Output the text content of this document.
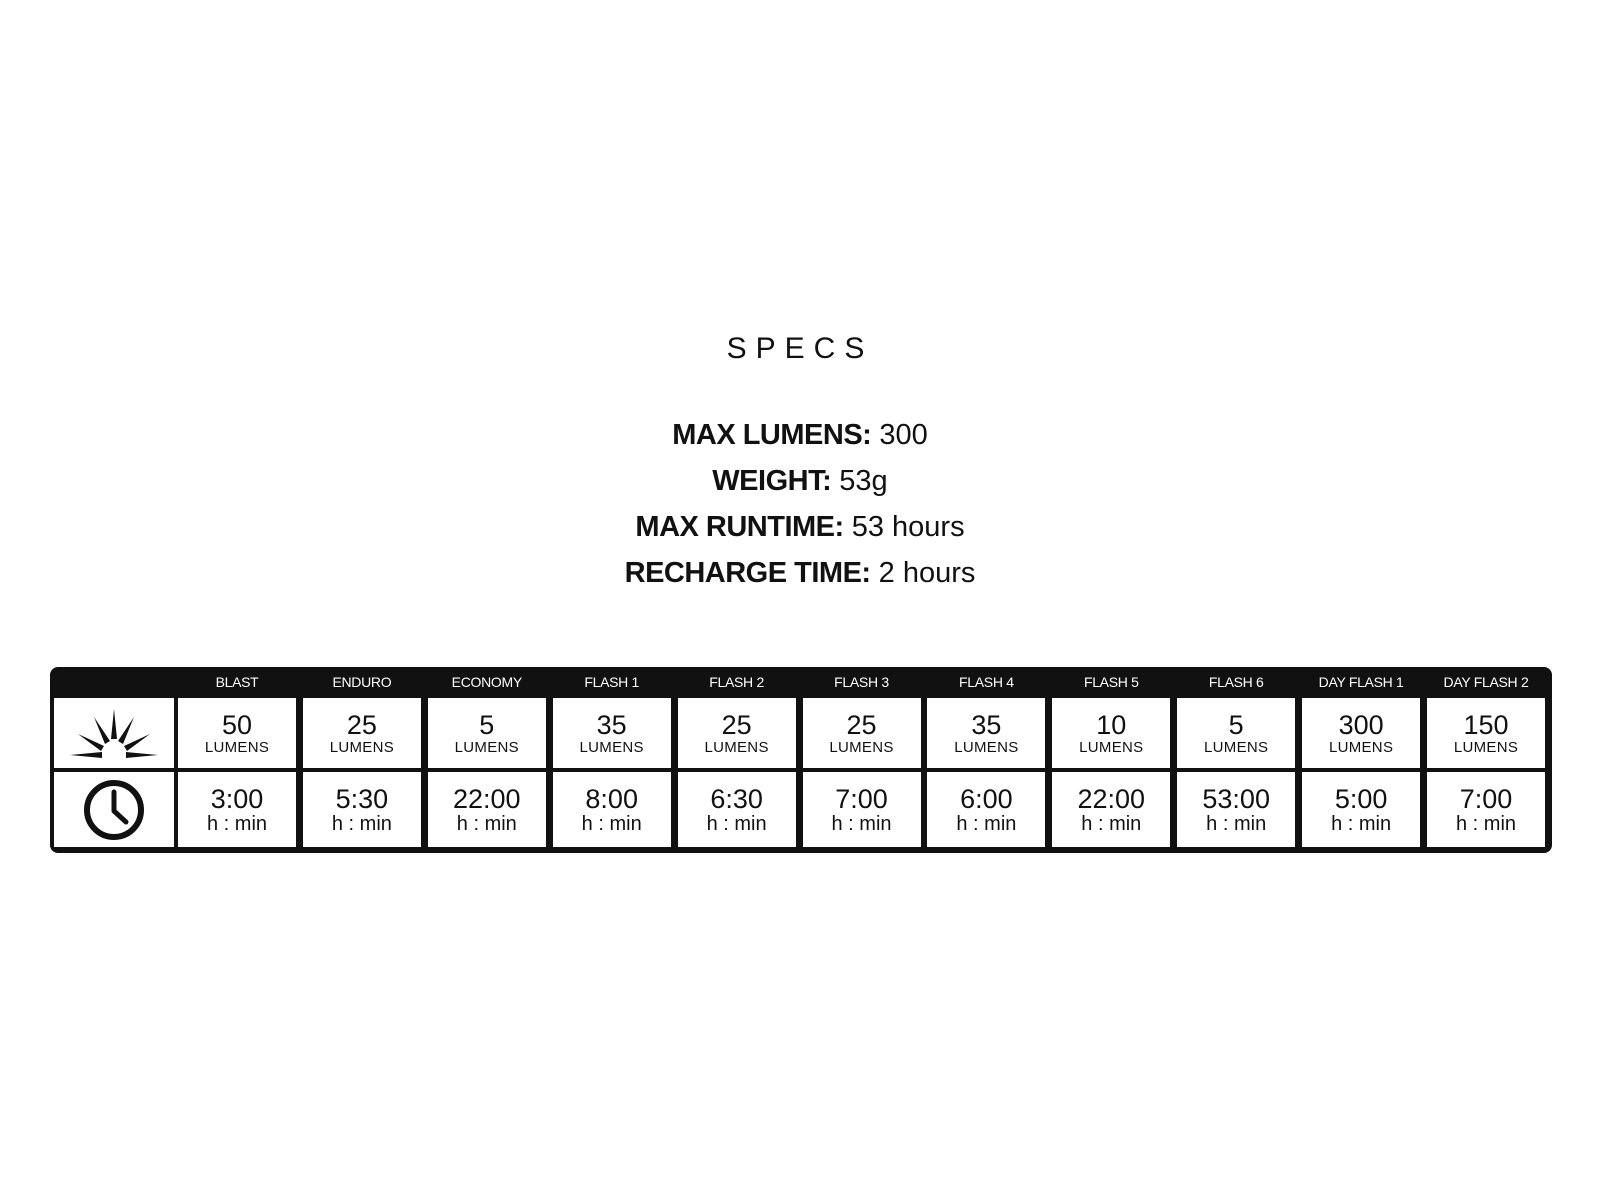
SPECS
MAX LUMENS: 300
WEIGHT: 53g
MAX RUNTIME: 53 hours
RECHARGE TIME: 2 hours
BLAST
50
LUMENS
3:00
h : min
ENDURO
25
LUMENS
5:30
h : min
ECONOMY
5
LUMENS
22:00
h : min
FLASH 1
35
LUMENS
8:00
h : min
FLASH 2
25
LUMENS
6:30
h : min
FLASH 3
25
LUMENS
7:00
h : min
FLASH 4
35
LUMENS
6:00
h : min
FLASH 5
10
LUMENS
22:00
h : min
FLASH 6
5
LUMENS
53:00
h : min
DAY FLASH 1
300
LUMENS
5:00
h : min
DAY FLASH 2
150
LUMENS
7:00
h : min
